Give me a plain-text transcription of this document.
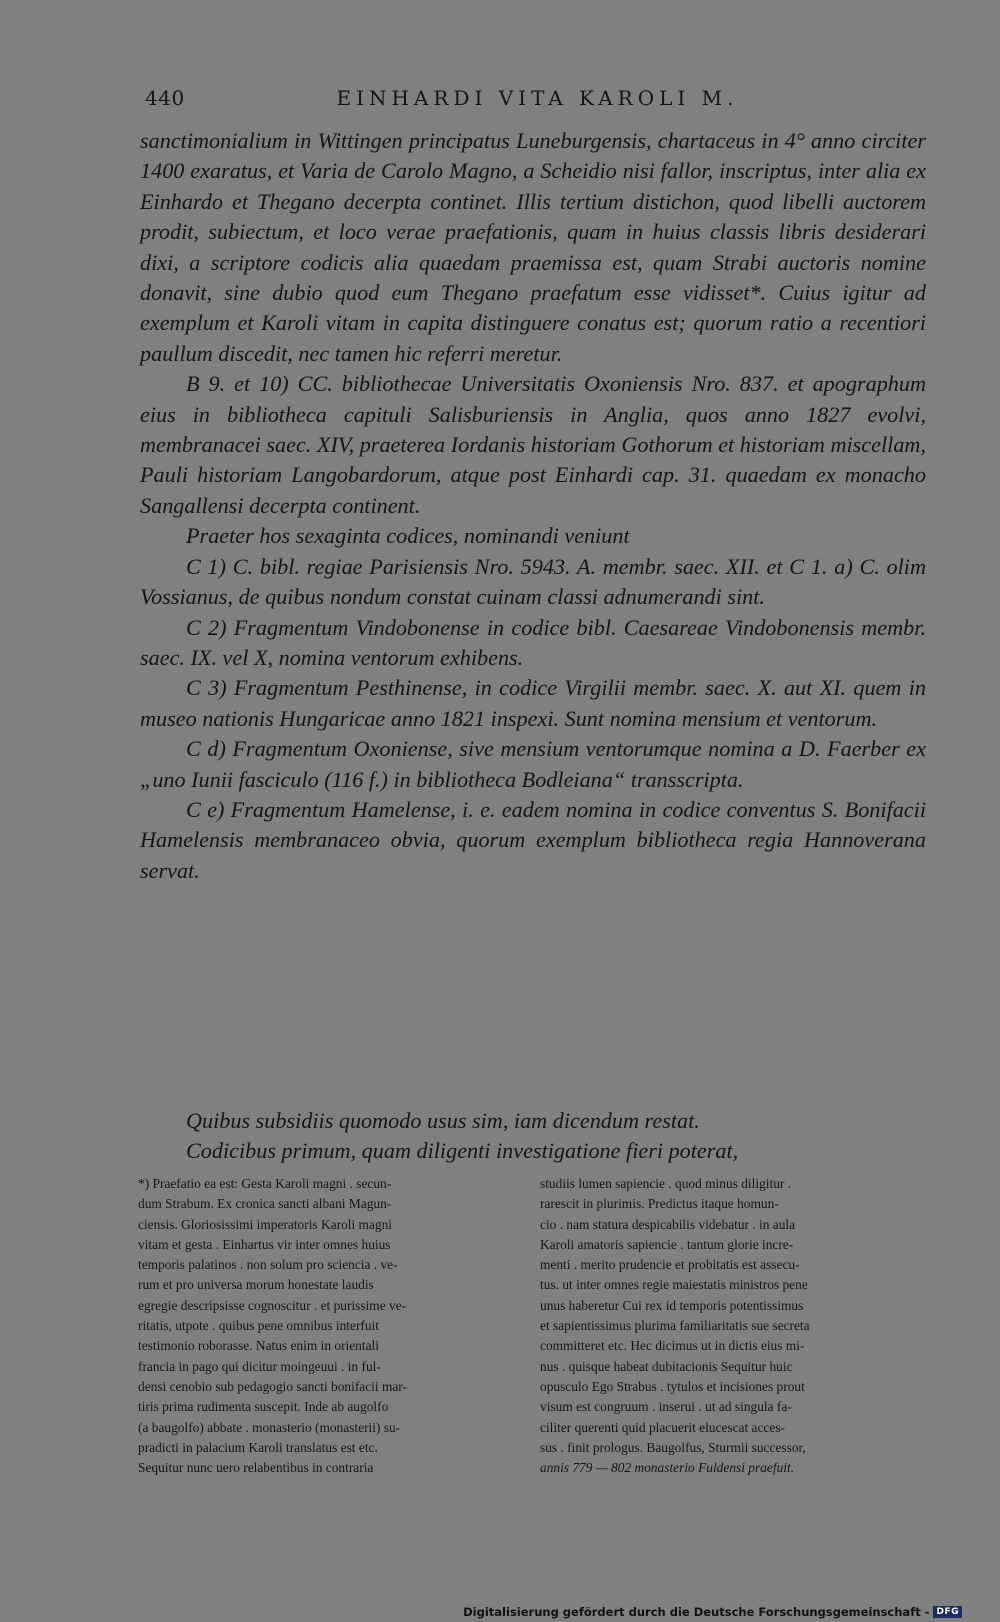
440	EINHARDI VITA KAROLI M.

sanctimonialium in Wittingen principatus Luneburgensis, chartaceus in 4° anno circiter 1400 exaratus, et Varia de Carolo Magno, a Scheidio nisi fallor, inscriptus, inter alia ex Einhardo et Thegano decerpta continet. Illis tertium distichon, quod libelli auctorem prodit, subiectum, et loco verae praefationis, quam in huius classis libris desiderari dixi, a scriptore codicis alia quaedam praemissa est, quam Strabi auctoris nomine donavit, sine dubio quod eum Thegano praefatum esse vidisset*. Cuius igitur ad exemplum et Karoli vitam in capita distinguere conatus est; quorum ratio a recentiori paullum discedit, nec tamen hic referri meretur.

B 9. et 10) CC. bibliothecae Universitatis Oxoniensis Nro. 837. et apographum eius in bibliotheca capituli Salisburiensis in Anglia, quos anno 1827 evolvi, membranacei saec. XIV, praeterea Iordanis historiam Gothorum et historiam miscellam, Pauli historiam Langobardorum, atque post Einhardi cap. 31. quaedam ex monacho Sangallensi decerpta continent.

Praeter hos sexaginta codices, nominandi veniunt

C 1) C. bibl. regiae Parisiensis Nro. 5943. A. membr. saec. XII. et C 1. a) C. olim Vossianus, de quibus nondum constat cuinam classi adnumerandi sint.

C 2) Fragmentum Vindobonense in codice bibl. Caesareae Vindobonensis membr. saec. IX. vel X, nomina ventorum exhibens.

C 3) Fragmentum Pesthinense, in codice Virgilii membr. saec. X. aut XI. quem in museo nationis Hungaricae anno 1821 inspexi. Sunt nomina mensium et ventorum.

C d) Fragmentum Oxoniense, sive mensium ventorumque nomina a D. Faerber ex „uno Iunii fasciculo (116 f.) in bibliotheca Bodleiana“ transscripta.

C e) Fragmentum Hamelense, i. e. eadem nomina in codice conventus S. Bonifacii Hamelensis membranaceo obvia, quorum exemplum bibliotheca regia Hannoverana servat.

Quibus subsidiis quomodo usus sim, iam dicendum restat.

Codicibus primum, quam diligenti investigatione fieri poterat,

*) Praefatio ea est: Gesta Karoli magni . secun-
dum Strabum. Ex cronica sancti albani Magun-
ciensis. Gloriosissimi imperatoris Karoli magni
vitam et gesta . Einhartus vir inter omnes huius
temporis palatinos . non solum pro sciencia . ve-
rum et pro universa morum honestate laudis
egregie descripsisse cognoscitur . et purissime ve-
ritatis, utpote . quibus pene omnibus interfuit
testimonio roborasse. Natus enim in orientali
francia in pago qui dicitur moingeuui . in ful-
densi cenobio sub pedagogio sancti bonifacii mar-
tiris prima rudimenta suscepit. Inde ab augolfo
(a baugolfo) abbate . monasterio (monasterii) su-
pradicti in palacium Karoli translatus est etc.
Sequitur nunc uero relabentibus in contraria
studiis lumen sapiencie . quod minus diligitur .
rarescit in plurimis. Predictus itaque homun-
cio . nam statura despicabilis videbatur . in aula
Karoli amatoris sapiencie . tantum glorie incre-
menti . merito prudencie et probitatis est assecu-
tus. ut inter omnes regie maiestatis ministros pene
unus haberetur Cui rex id temporis potentissimus
et sapientissimus plurima familiaritatis sue secreta
committeret etc. Hec dicimus ut in dictis eius mi-
nus . quisque habeat dubitacionis Sequitur huic
opusculo Ego Strabus . tytulos et incisiones prout
visum est congruum . inserui . ut ad singula fa-
ciliter querenti quid placuerit elucescat acces-
sus . finit prologus. Baugolfus, Sturmii successor,
annis 779 — 802 monasterio Fuldensi praefuit.
Digitalisierung gefördert durch die Deutsche Forschungsgemeinschaft - DFG
